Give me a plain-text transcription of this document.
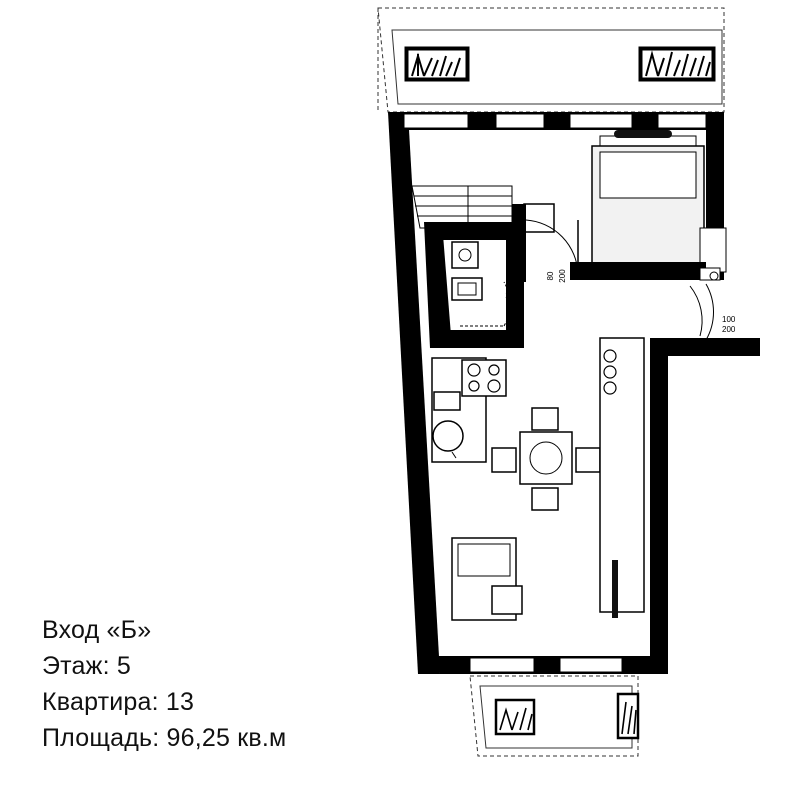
70
200
80 200
100
200
Вход «Б»
Этаж: 5
Квартира: 13
Площадь: 96,25 кв.м
